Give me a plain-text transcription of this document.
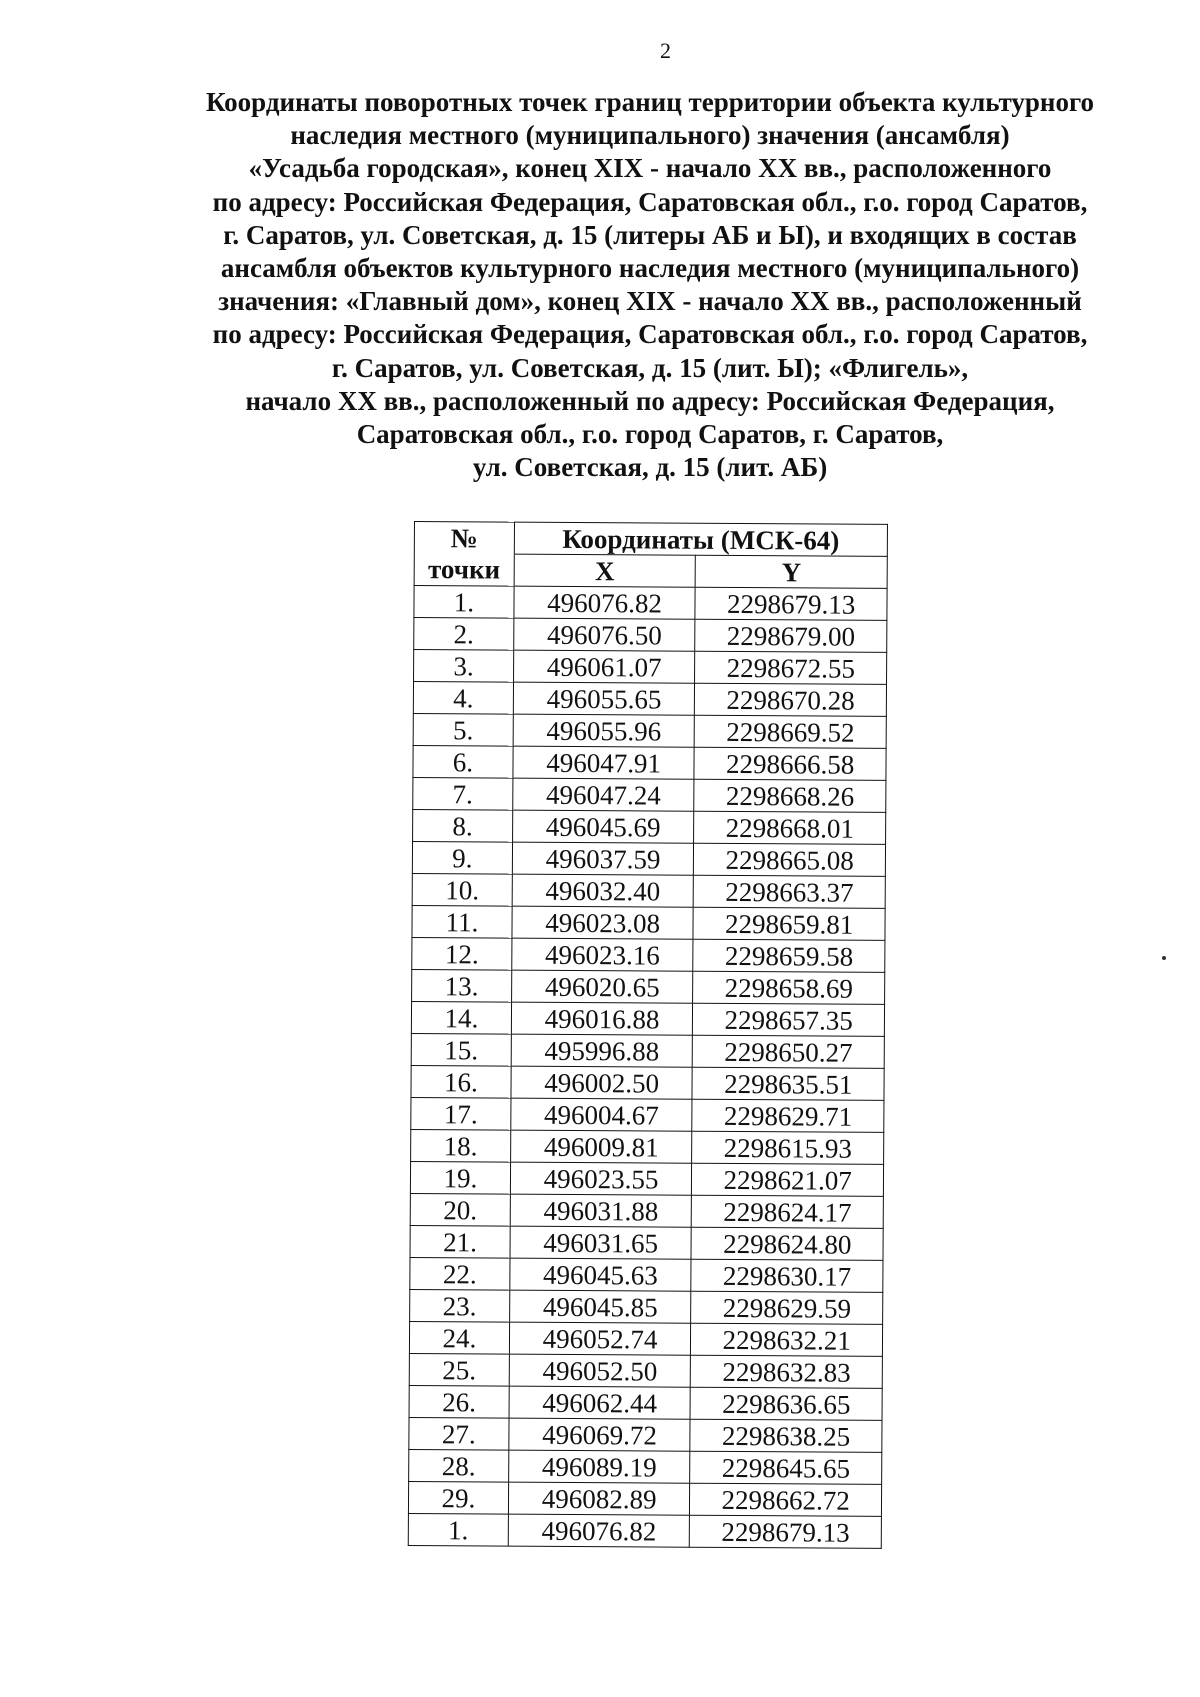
2
Координаты поворотных точек границ территории объекта культурного
наследия местного (муниципального) значения (ансамбля)
«Усадьба городская», конец XIX - начало XX вв., расположенного
по адресу: Российская Федерация, Саратовская обл., г.о. город Саратов,
г. Саратов, ул. Советская, д. 15 (литеры АБ и Ы), и входящих в состав
ансамбля объектов культурного наследия местного (муниципального)
значения: «Главный дом», конец XIX - начало XX вв., расположенный
по адресу: Российская Федерация, Саратовская обл., г.о. город Саратов,
г. Саратов, ул. Советская, д. 15 (лит. Ы); «Флигель»,
начало XX вв., расположенный по адресу: Российская Федерация,
Саратовская обл., г.о. город Саратов, г. Саратов,
ул. Советская, д. 15 (лит. АБ)
№	Координаты (МСК-64)	
точки	X	Y
1.	496076.82	2298679.13
2.	496076.50	2298679.00
3.	496061.07	2298672.55
4.	496055.65	2298670.28
5.	496055.96	2298669.52
6.	496047.91	2298666.58
7.	496047.24	2298668.26
8.	496045.69	2298668.01
9.	496037.59	2298665.08
10.	496032.40	2298663.37
11.	496023.08	2298659.81
12.	496023.16	2298659.58
13.	496020.65	2298658.69
14.	496016.88	2298657.35
15.	495996.88	2298650.27
16.	496002.50	2298635.51
17.	496004.67	2298629.71
18.	496009.81	2298615.93
19.	496023.55	2298621.07
20.	496031.88	2298624.17
21.	496031.65	2298624.80
22.	496045.63	2298630.17
23.	496045.85	2298629.59
24.	496052.74	2298632.21
25.	496052.50	2298632.83
26.	496062.44	2298636.65
27.	496069.72	2298638.25
28.	496089.19	2298645.65
29.	496082.89	2298662.72
1.	496076.82	2298679.13
